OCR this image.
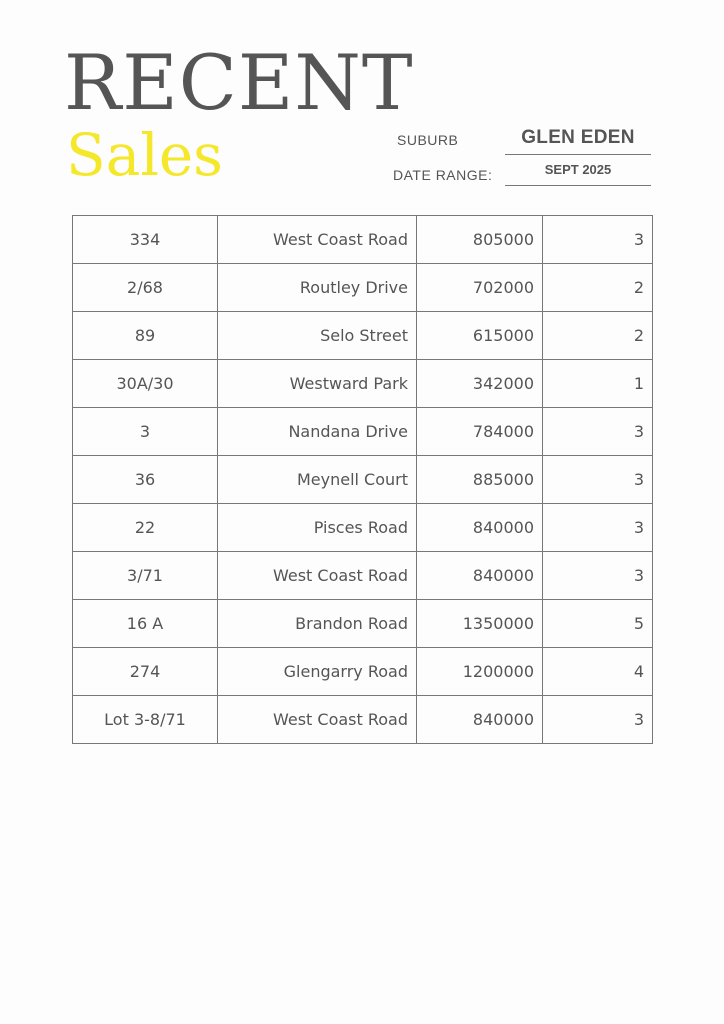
RECENT
Sales	SUBURB	GLEN EDEN
DATE RANGE:	SEPT 2025
334	West Coast Road	805000	3
2/68	Routley Drive	702000	2
89	Selo Street	615000	2
30A/30	Westward Park	342000	1
3	Nandana Drive	784000	3
36	Meynell Court	885000	3
22	Pisces Road	840000	3
3/71	West Coast Road	840000	3
16 A	Brandon Road	1350000	5
274	Glengarry Road	1200000	4
Lot 3-8/71	West Coast Road	840000	3
